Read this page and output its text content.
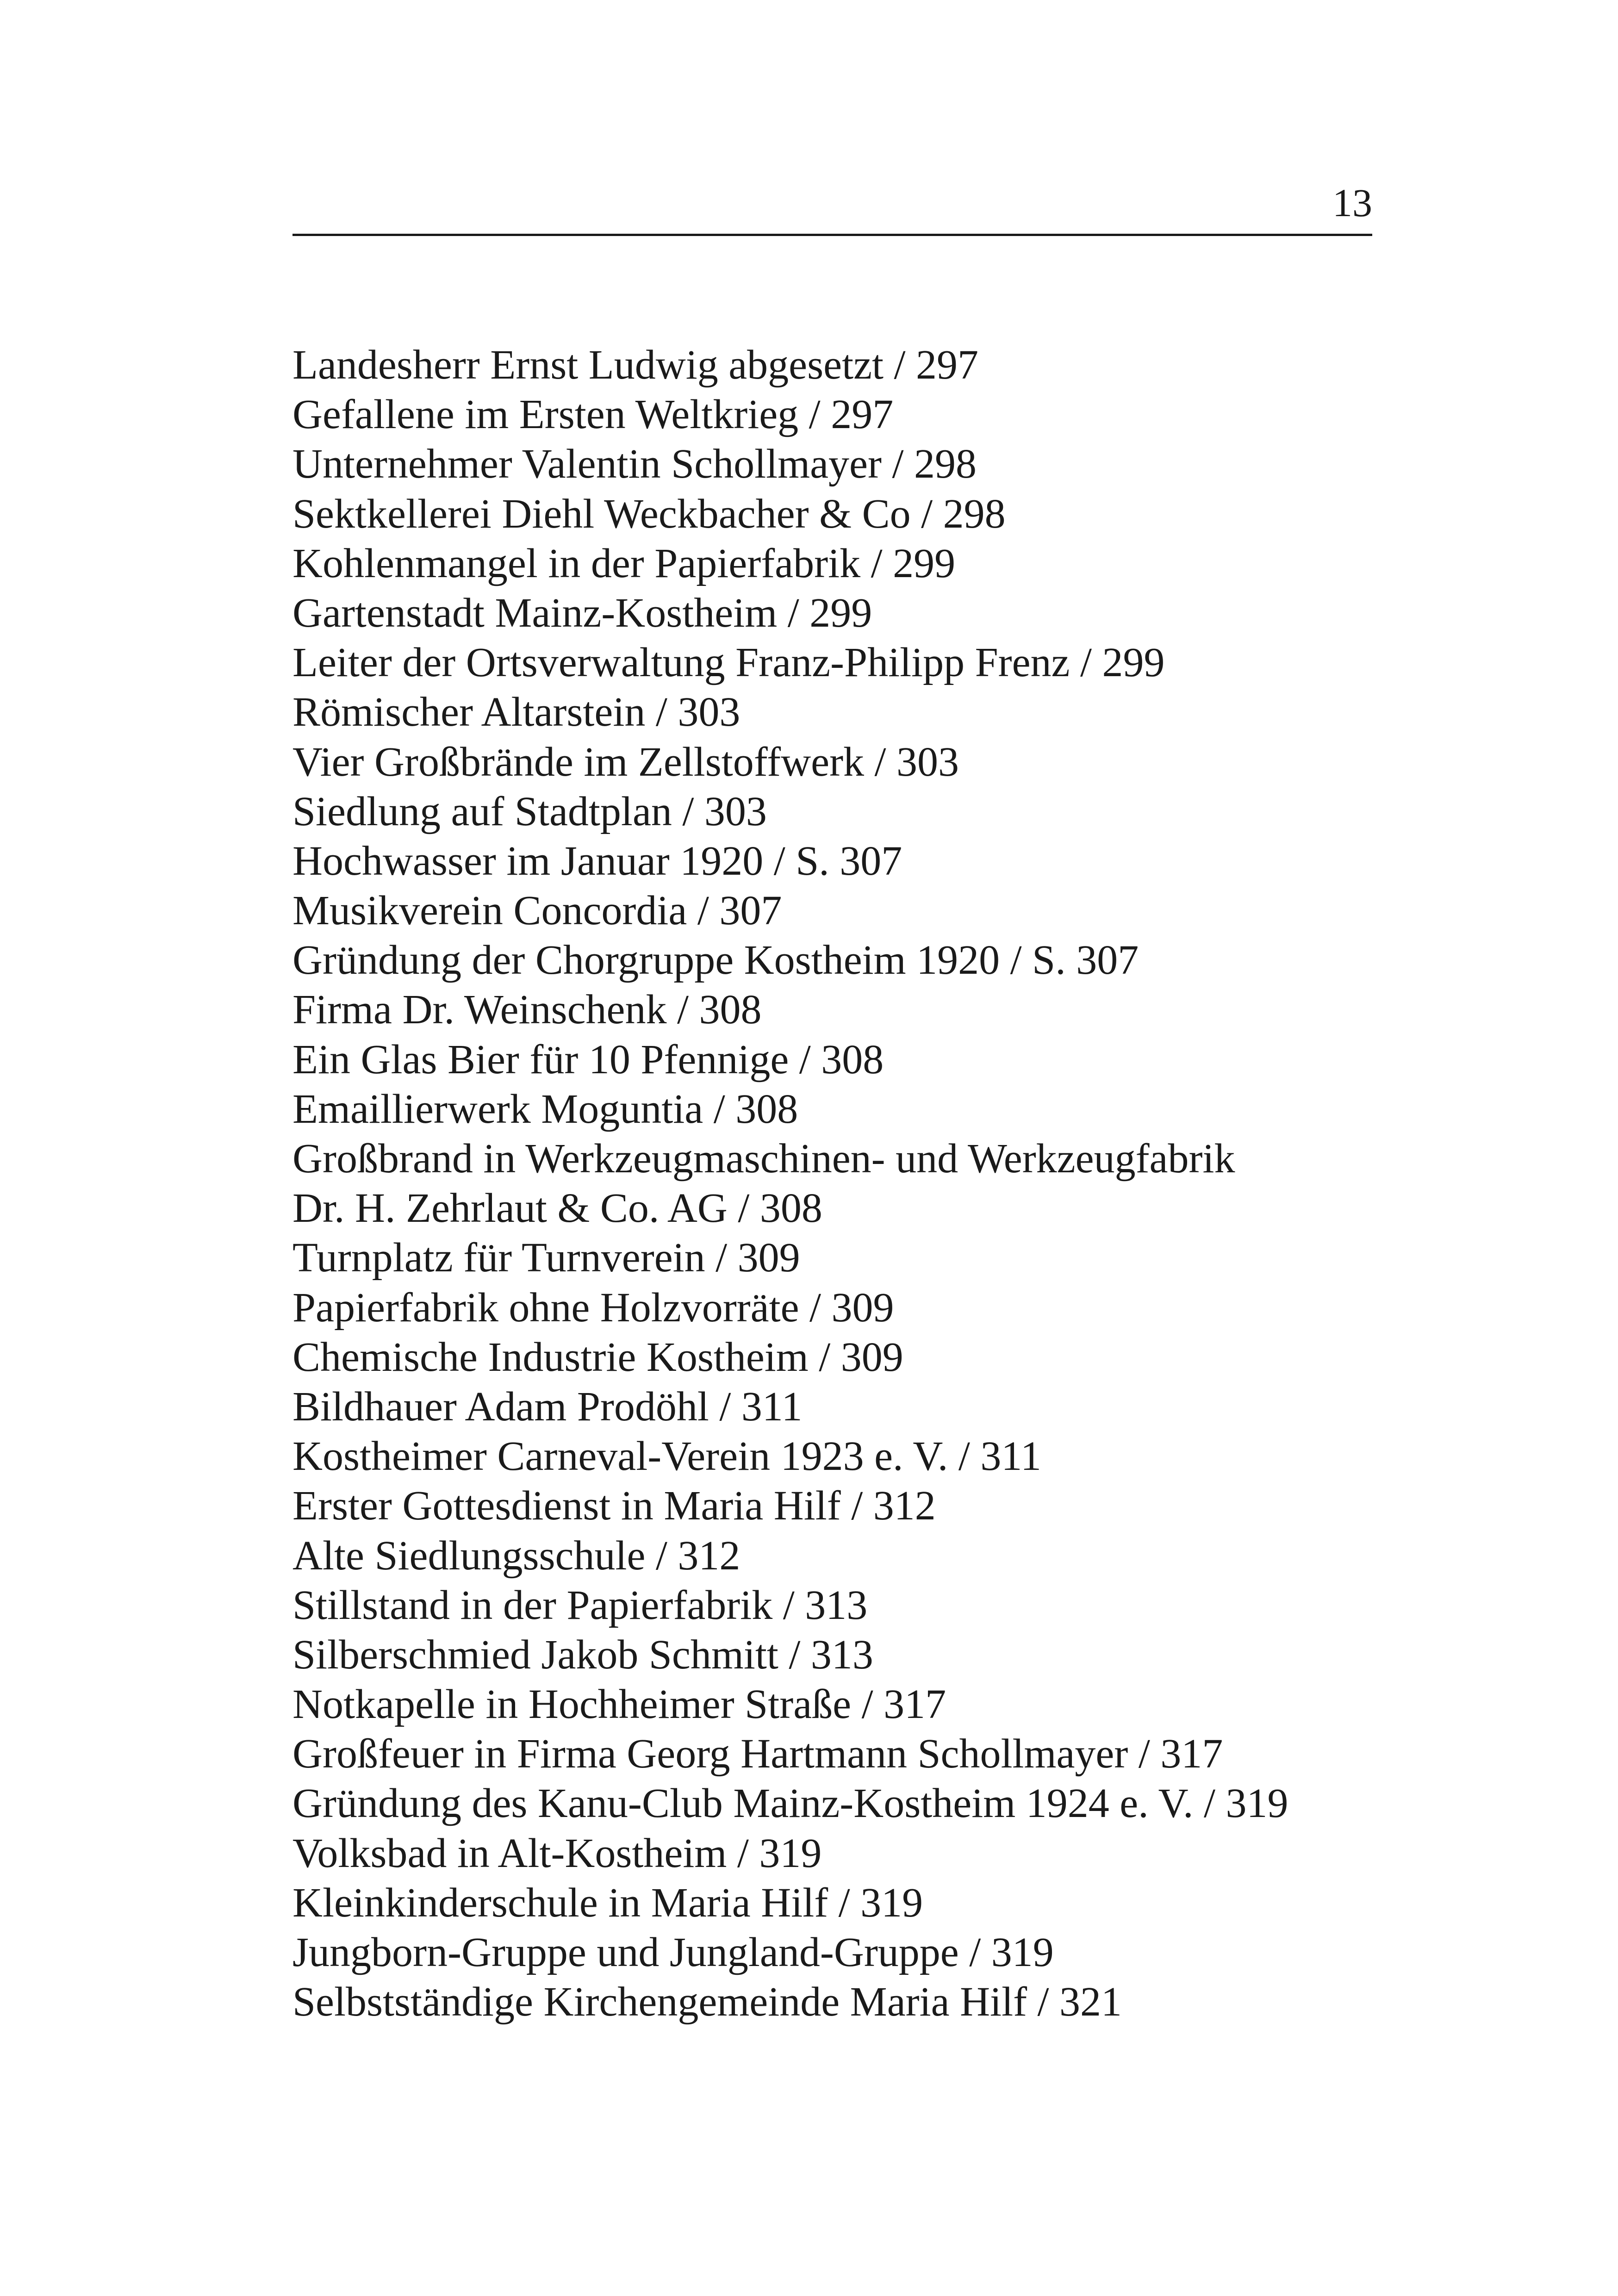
13
Landesherr Ernst Ludwig abgesetzt / 297
Gefallene im Ersten Weltkrieg / 297
Unternehmer Valentin Schollmayer / 298
Sektkellerei Diehl Weckbacher & Co / 298
Kohlenmangel in der Papierfabrik / 299
Gartenstadt Mainz-Kostheim / 299
Leiter der Ortsverwaltung Franz-Philipp Frenz / 299
Römischer Altarstein / 303
Vier Großbrände im Zellstoffwerk / 303
Siedlung auf Stadtplan / 303
Hochwasser im Januar 1920 / S. 307
Musikverein Concordia / 307
Gründung der Chorgruppe Kostheim 1920 / S. 307
Firma Dr. Weinschenk / 308
Ein Glas Bier für 10 Pfennige / 308
Emaillierwerk Moguntia / 308
Großbrand in Werkzeugmaschinen- und Werkzeugfabrik
Dr. H. Zehrlaut & Co. AG / 308
Turnplatz für Turnverein / 309
Papierfabrik ohne Holzvorräte / 309
Chemische Industrie Kostheim / 309
Bildhauer Adam Prodöhl / 311
Kostheimer Carneval-Verein 1923 e. V. / 311
Erster Gottesdienst in Maria Hilf / 312
Alte Siedlungsschule / 312
Stillstand in der Papierfabrik / 313
Silberschmied Jakob Schmitt / 313
Notkapelle in Hochheimer Straße / 317
Großfeuer in Firma Georg Hartmann Schollmayer / 317
Gründung des Kanu-Club Mainz-Kostheim 1924 e. V. / 319
Volksbad in Alt-Kostheim / 319
Kleinkinderschule in Maria Hilf / 319
Jungborn-Gruppe und Jungland-Gruppe / 319
Selbstständige Kirchengemeinde Maria Hilf / 321
